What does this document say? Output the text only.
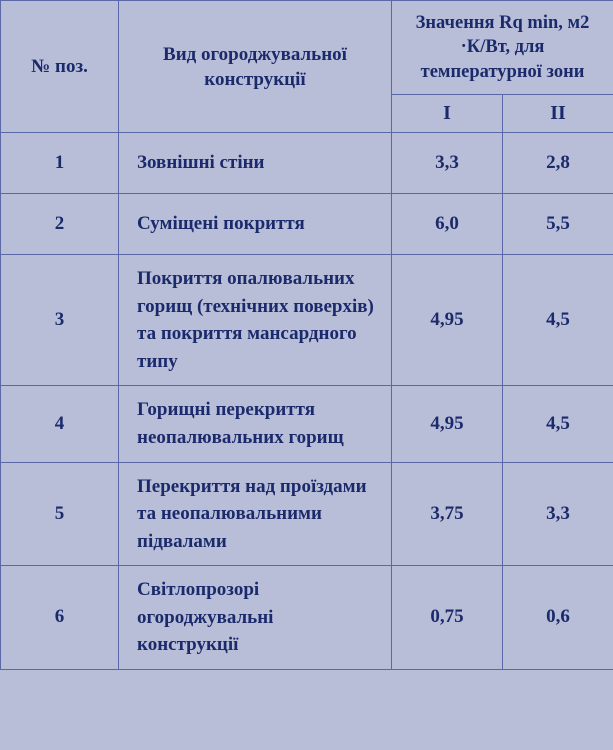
№ поз.	Вид огороджувальної конструкції	Значення Rq min, м2 ·К/Вт, для температурної зони	
		I	II
1	Зовнішні стіни	3,3	2,8
2	Суміщені покриття	6,0	5,5
3	Покриття опалювальних горищ (технічних поверхів) та покриття мансардного типу	4,95	4,5
4	Горищні перекриття неопалювальних горищ	4,95	4,5
5	Перекриття над проїздами та неопалювальними підвалами	3,75	3,3
6	Світлопрозорі огороджувальні конструкції	0,75	0,6
